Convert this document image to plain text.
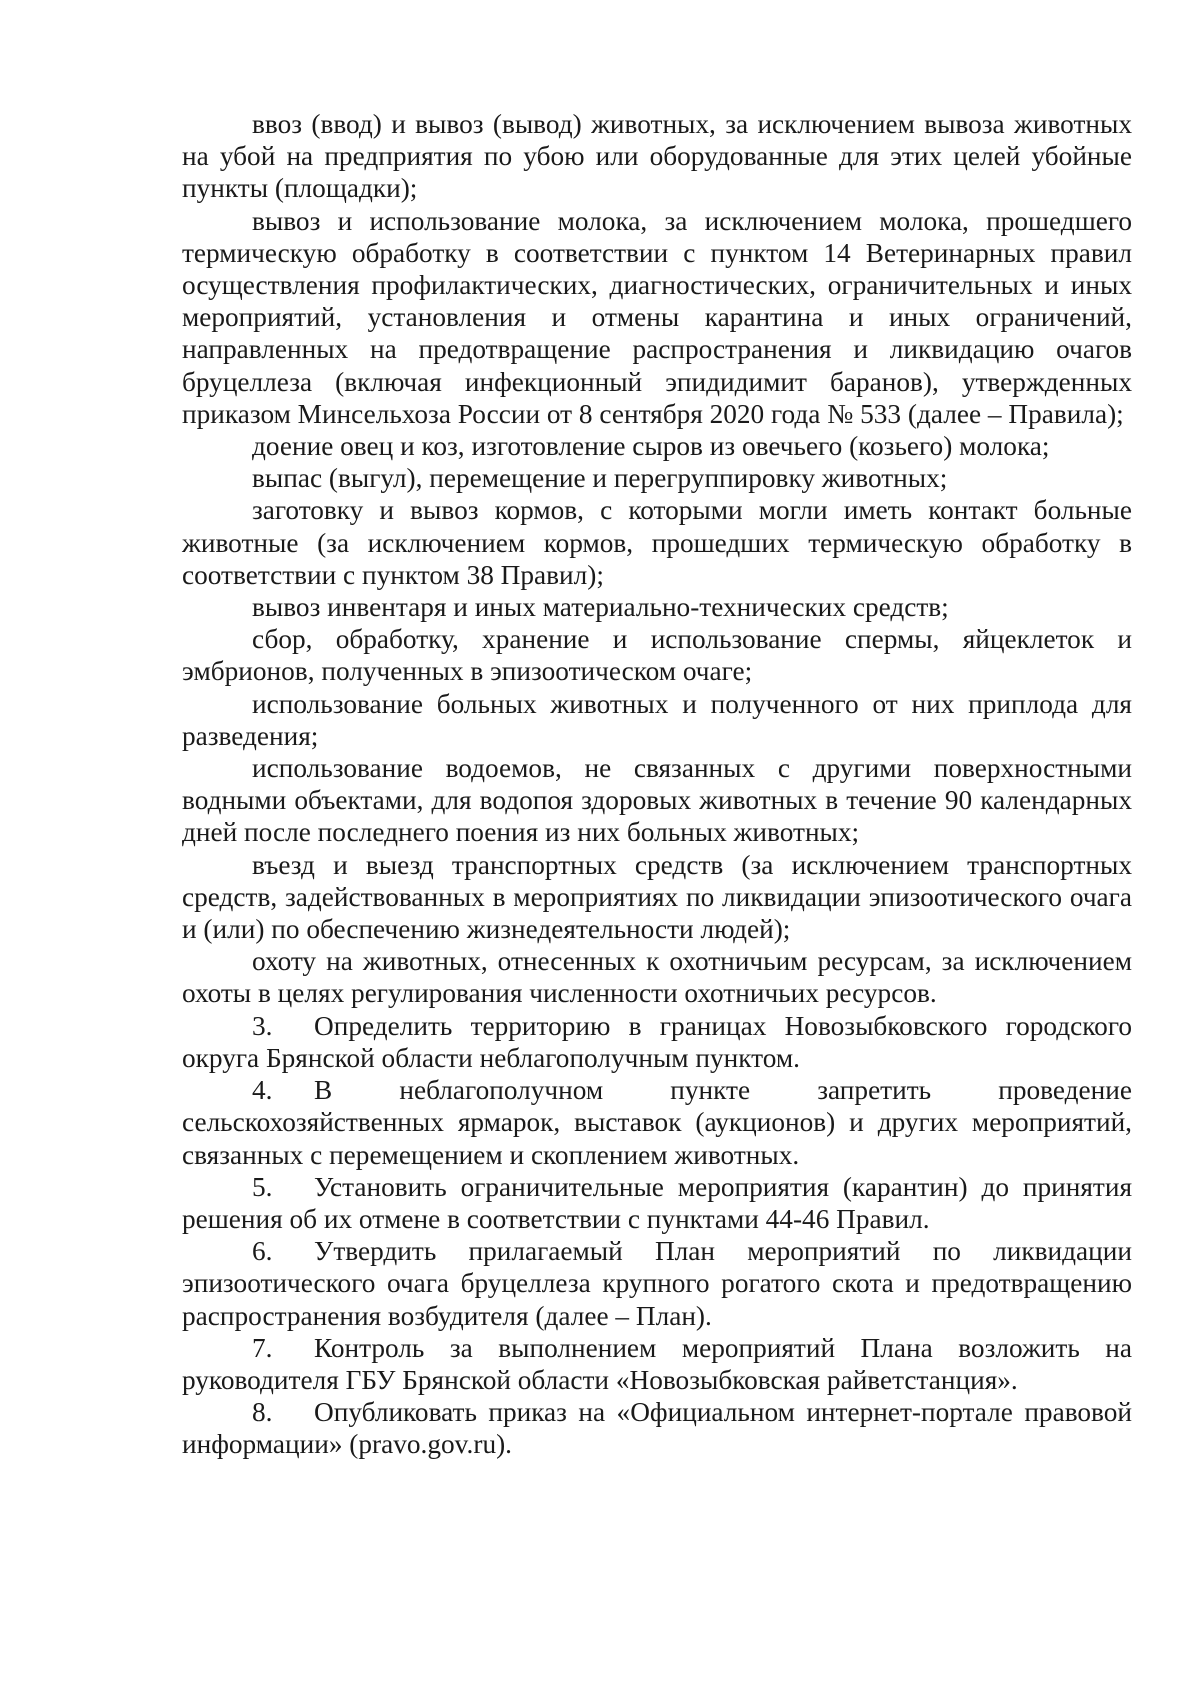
ввоз (ввод) и вывоз (вывод) животных, за исключением вывоза животных на убой на предприятия по убою или оборудованные для этих целей убойные пункты (площадки);

вывоз и использование молока, за исключением молока, прошедшего термическую обработку в соответствии с пунктом 14 Ветеринарных правил осуществления профилактических, диагностических, ограничительных и иных мероприятий, установления и отмены карантина и иных ограничений, направленных на предотвращение распространения и ликвидацию очагов бруцеллеза (включая инфекционный эпидидимит баранов), утвержденных приказом Минсельхоза России от 8 сентября 2020 года № 533 (далее – Правила);

доение овец и коз, изготовление сыров из овечьего (козьего) молока;

выпас (выгул), перемещение и перегруппировку животных;

заготовку и вывоз кормов, с которыми могли иметь контакт больные животные (за исключением кормов, прошедших термическую обработку в соответствии с пунктом 38 Правил);

вывоз инвентаря и иных материально-технических средств;

сбор, обработку, хранение и использование спермы, яйцеклеток и эмбрионов, полученных в эпизоотическом очаге;

использование больных животных и полученного от них приплода для разведения;

использование водоемов, не связанных с другими поверхностными водными объектами, для водопоя здоровых животных в течение 90 календарных дней после последнего поения из них больных животных;

въезд и выезд транспортных средств (за исключением транспортных средств, задействованных в мероприятиях по ликвидации эпизоотического очага и (или) по обеспечению жизнедеятельности людей);

охоту на животных, отнесенных к охотничьим ресурсам, за исключением охоты в целях регулирования численности охотничьих ресурсов.

3. Определить территорию в границах Новозыбковского городского округа Брянской области неблагополучным пунктом.

4. В неблагополучном пункте запретить проведение сельскохозяйственных ярмарок, выставок (аукционов) и других мероприятий, связанных с перемещением и скоплением животных.

5. Установить ограничительные мероприятия (карантин) до принятия решения об их отмене в соответствии с пунктами 44-46 Правил.

6. Утвердить прилагаемый План мероприятий по ликвидации эпизоотического очага бруцеллеза крупного рогатого скота и предотвращению распространения возбудителя (далее – План).

7. Контроль за выполнением мероприятий Плана возложить на руководителя ГБУ Брянской области «Новозыбковская райветстанция».

8. Опубликовать приказ на «Официальном интернет-портале правовой информации» (pravo.gov.ru).
